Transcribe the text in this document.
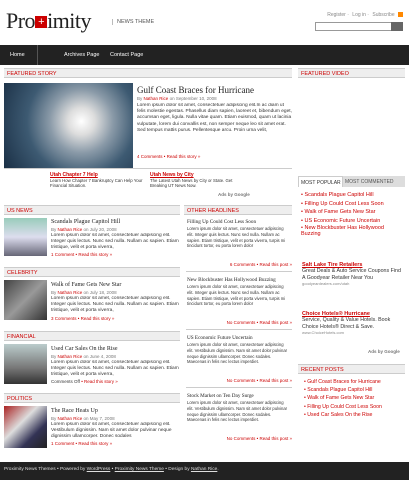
Pro + imity	NEWS THEME
Register · Log in · Subscribe
Home	Archives Page Contact Page
FEATURED STORY
Gulf Coast Braces for Hurricane
By Nathan Rice on September 10, 2008
Lorem ipsum dolor sit amet, consectetuer adipiscing elit.In ac diam ut felis molestie egestas. Phasellus diam sapien, laoreet et, bibendum eget, accumsan eget, ligula. Nulla vitae quam. Etiam euismod, quam ut lacinia vulputate, lorem dui convallis est, non semper neque leo sit amet erat. Sed tempus mattis purus. Pellentesque arcu. Proin urna velit,
4 Comments • Read this story »
Utah Chapter 7 Help
Learn How Chapter 7 Bankruptcy Can Help Your Financial Situation.
Utah News by City
The Latest Utah News by City or State. Get Breaking UT News Now.
Ads by Google
US NEWS
Scandals Plague Capitol Hill
By Nathan Rice on July 20, 2008
Lorem ipsum dolor sit amet, consectetuer adipiscing elit. Integer quis lectus. Nunc sed nulla. Nullam ac sapien. Etiam tristique, velit et porta viverra,
1 Comment • Read this story »
CELEBRITY
Walk of Fame Gets New Star
By Nathan Rice on July 18, 2008
Lorem ipsum dolor sit amet, consectetuer adipiscing elit. Integer quis lectus. Nunc sed nulla. Nullam ac sapien. Etiam tristique, velit et porta viverra,
3 Comments • Read this story »
FINANCIAL
Used Car Sales On the Rise
By Nathan Rice on June 4, 2008
Lorem ipsum dolor sit amet, consectetuer adipiscing elit. Integer quis lectus. Nunc sed nulla. Nullam ac sapien. Etiam tristique, velit et porta viverra,
Comments Off • Read this story »
POLITICS
The Race Heats Up
By Nathan Rice on May 7, 2008
Lorem ipsum dolor sit amet, consectetuer adipiscing elit. Vestibulum dignissim. Nam sit amet dolor pulvinar neque dignissim ullamcorper. Donec sodales
1 Comment • Read this story »
OTHER HEADLINES
Filling Up Could Cost Less Soon
Lorem ipsum dolor sit amet, consectetuer adipiscing elit. Integer quis lectus. Nunc sed nulla. Nullam ac sapien. Etiam tristique, velit et porta viverra, turpis mi tincidunt tortor, eu porta lorem dolor
6 Comments • Read this post »
New Blockbuster Has Hollywood Buzzing
Lorem ipsum dolor sit amet, consectetuer adipiscing elit. Integer quis lectus. Nunc sed nulla. Nullam ac sapien. Etiam tristique, velit et porta viverra, turpis mi tincidunt tortor, eu porta lorem dolor
No Comments • Read this post »
US Economic Future Uncertain
Lorem ipsum dolor sit amet, consectetuer adipiscing elit. Vestibulum dignissim. Nam sit amet dolor pulvinar neque dignissim ullamcorper. Donec sodales. Maecenas in felis nec lectus imperdiet.
No Comments • Read this post »
Stock Market on Ten Day Surge
Lorem ipsum dolor sit amet, consectetuer adipiscing elit. Vestibulum dignissim. Nam sit amet dolor pulvinar neque dignissim ullamcorper. Donec sodales. Maecenas in felis nec lectus imperdiet.
No Comments • Read this post »
FEATURED VIDEO
MOST POPULAR MOST COMMENTED
• Scandals Plague Capitol Hill
• Filling Up Could Cost Less Soon
• Walk of Fame Gets New Star
• US Economic Future Uncertain
• New Blockbuster Has Hollywood Buzzing
Salt Lake Tire Retailers
Great Deals & Auto Service Coupons Find A Goodyear Retailer Near You
goodyeardealers.com/utah
Choice Hotels® Hurricane
Service, Quality & Value Hotels. Book Choice Hotels® Direct & Save.
www.ChoiceHotels.com
Ads by Google
RECENT POSTS
• Gulf Coast Braces for Hurricane
• Scandals Plague Capitol Hill
• Walk of Fame Gets New Star
• Filling Up Could Cost Less Soon
• Used Car Sales On the Rise
Proximity News Themes • Powered by WordPress • Proximity News Theme • Design by Nathan Rice.
